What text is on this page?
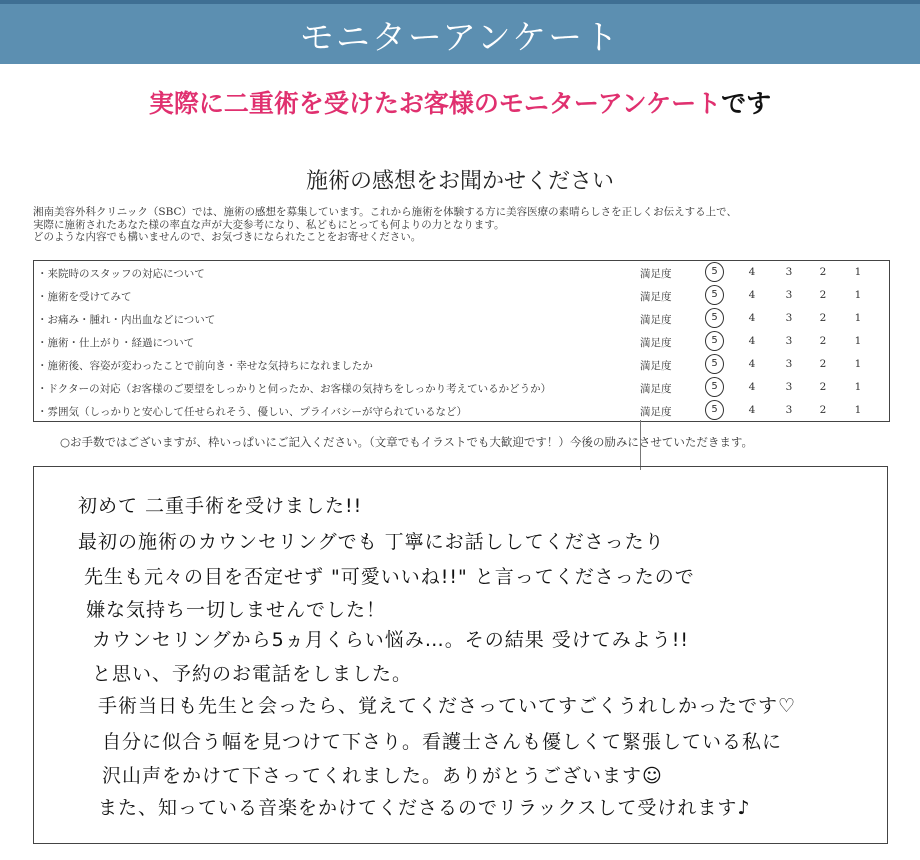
モニターアンケート
実際に二重術を受けたお客様のモニターアンケートです
施術の感想をお聞かせください
湘南美容外科クリニック（SBC）では、施術の感想を募集しています。これから施術を体験する方に美容医療の素晴らしさを正しくお伝えする上で、
実際に施術されたあなた様の率直な声が大変参考になり、私どもにとっても何よりの力となります。
どのような内容でも構いませんので、お気づきになられたことをお寄せください。
・来院時のスタッフの対応について	満足度	5	4	3	2	1
・施術を受けてみて	満足度	5	4	3	2	1
・お痛み・腫れ・内出血などについて	満足度	5	4	3	2	1
・施術・仕上がり・経過について	満足度	5	4	3	2	1
・施術後、容姿が変わったことで前向き・幸せな気持ちになれましたか	満足度	5	4	3	2	1
・ドクターの対応（お客様のご要望をしっかりと伺ったか、お客様の気持ちをしっかり考えているかどうか）	満足度	5	4	3	2	1
・雰囲気（しっかりと安心して任せられそう、優しい、プライバシーが守られているなど）	満足度	5	4	3	2	1
○お手数ではございますが、枠いっぱいにご記入ください。（文章でもイラストでも大歓迎です！）今後の励みにさせていただきます。
初めて 二重手術を受けました!!
最初の施術のカウンセリングでも 丁寧にお話ししてくださったり
先生も元々の目を否定せず "可愛いいね!!" と言ってくださったので
嫌な気持ち一切しませんでした！
カウンセリングから5ヵ月くらい悩み…。その結果 受けてみよう!!
と思い、予約のお電話をしました。
手術当日も先生と会ったら、覚えてくださっていてすごくうれしかったです♡
自分に似合う幅を見つけて下さり。看護士さんも優しくて緊張している私に
沢山声をかけて下さってくれました。ありがとうございます☺
また、知っている音楽をかけてくださるのでリラックスして受けれます♪
